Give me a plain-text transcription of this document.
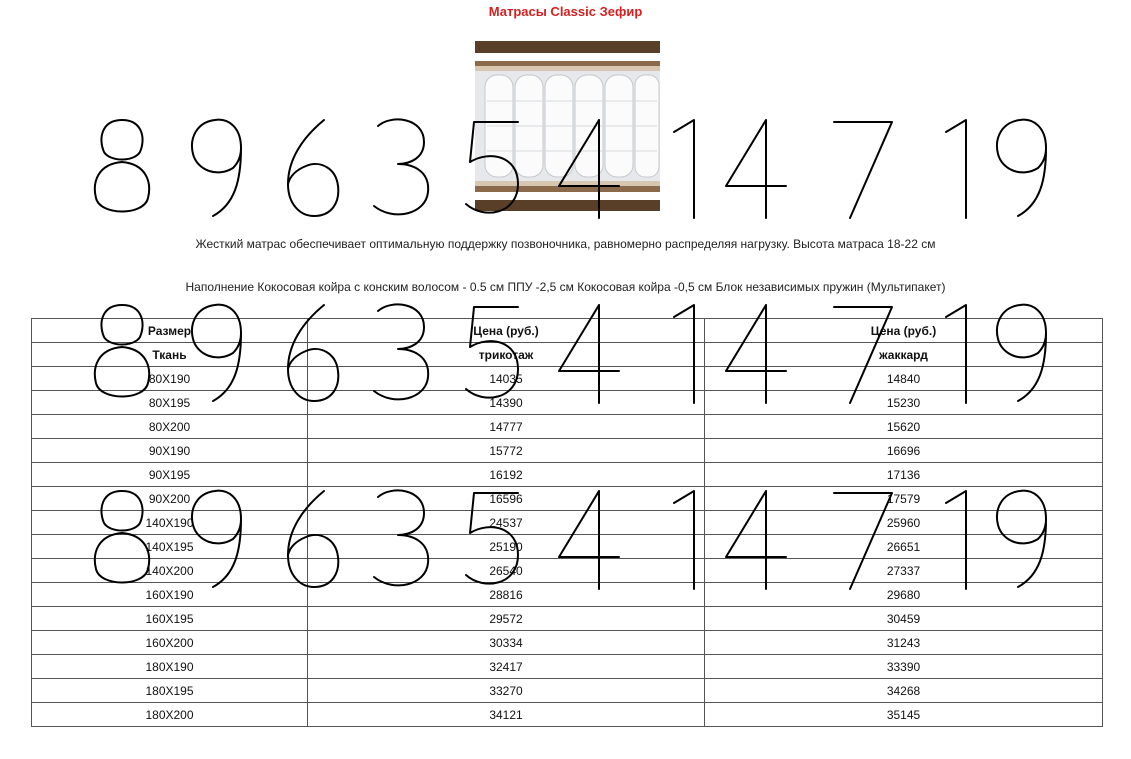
Матрасы Classic Зефир
Жесткий матрас обеспечивает оптимальную поддержку позвоночника, равномерно распределяя нагрузку. Высота матраса 18-22 см
Наполнение Кокосовая койра с конским волосом - 0.5 см ППУ -2,5 см Кокосовая койра -0,5 см Блок независимых пружин (Мультипакет)
Размер	Цена (руб.)	Цена (руб.)
Ткань	трикотаж	жаккард
80X190	14035	14840
80X195	14390	15230
80X200	14777	15620
90X190	15772	16696
90X195	16192	17136
90X200	16596	17579
140X190	24537	25960
140X195	25190	26651
140X200	26540	27337
160X190	28816	29680
160X195	29572	30459
160X200	30334	31243
180X190	32417	33390
180X195	33270	34268
180X200	34121	35145
